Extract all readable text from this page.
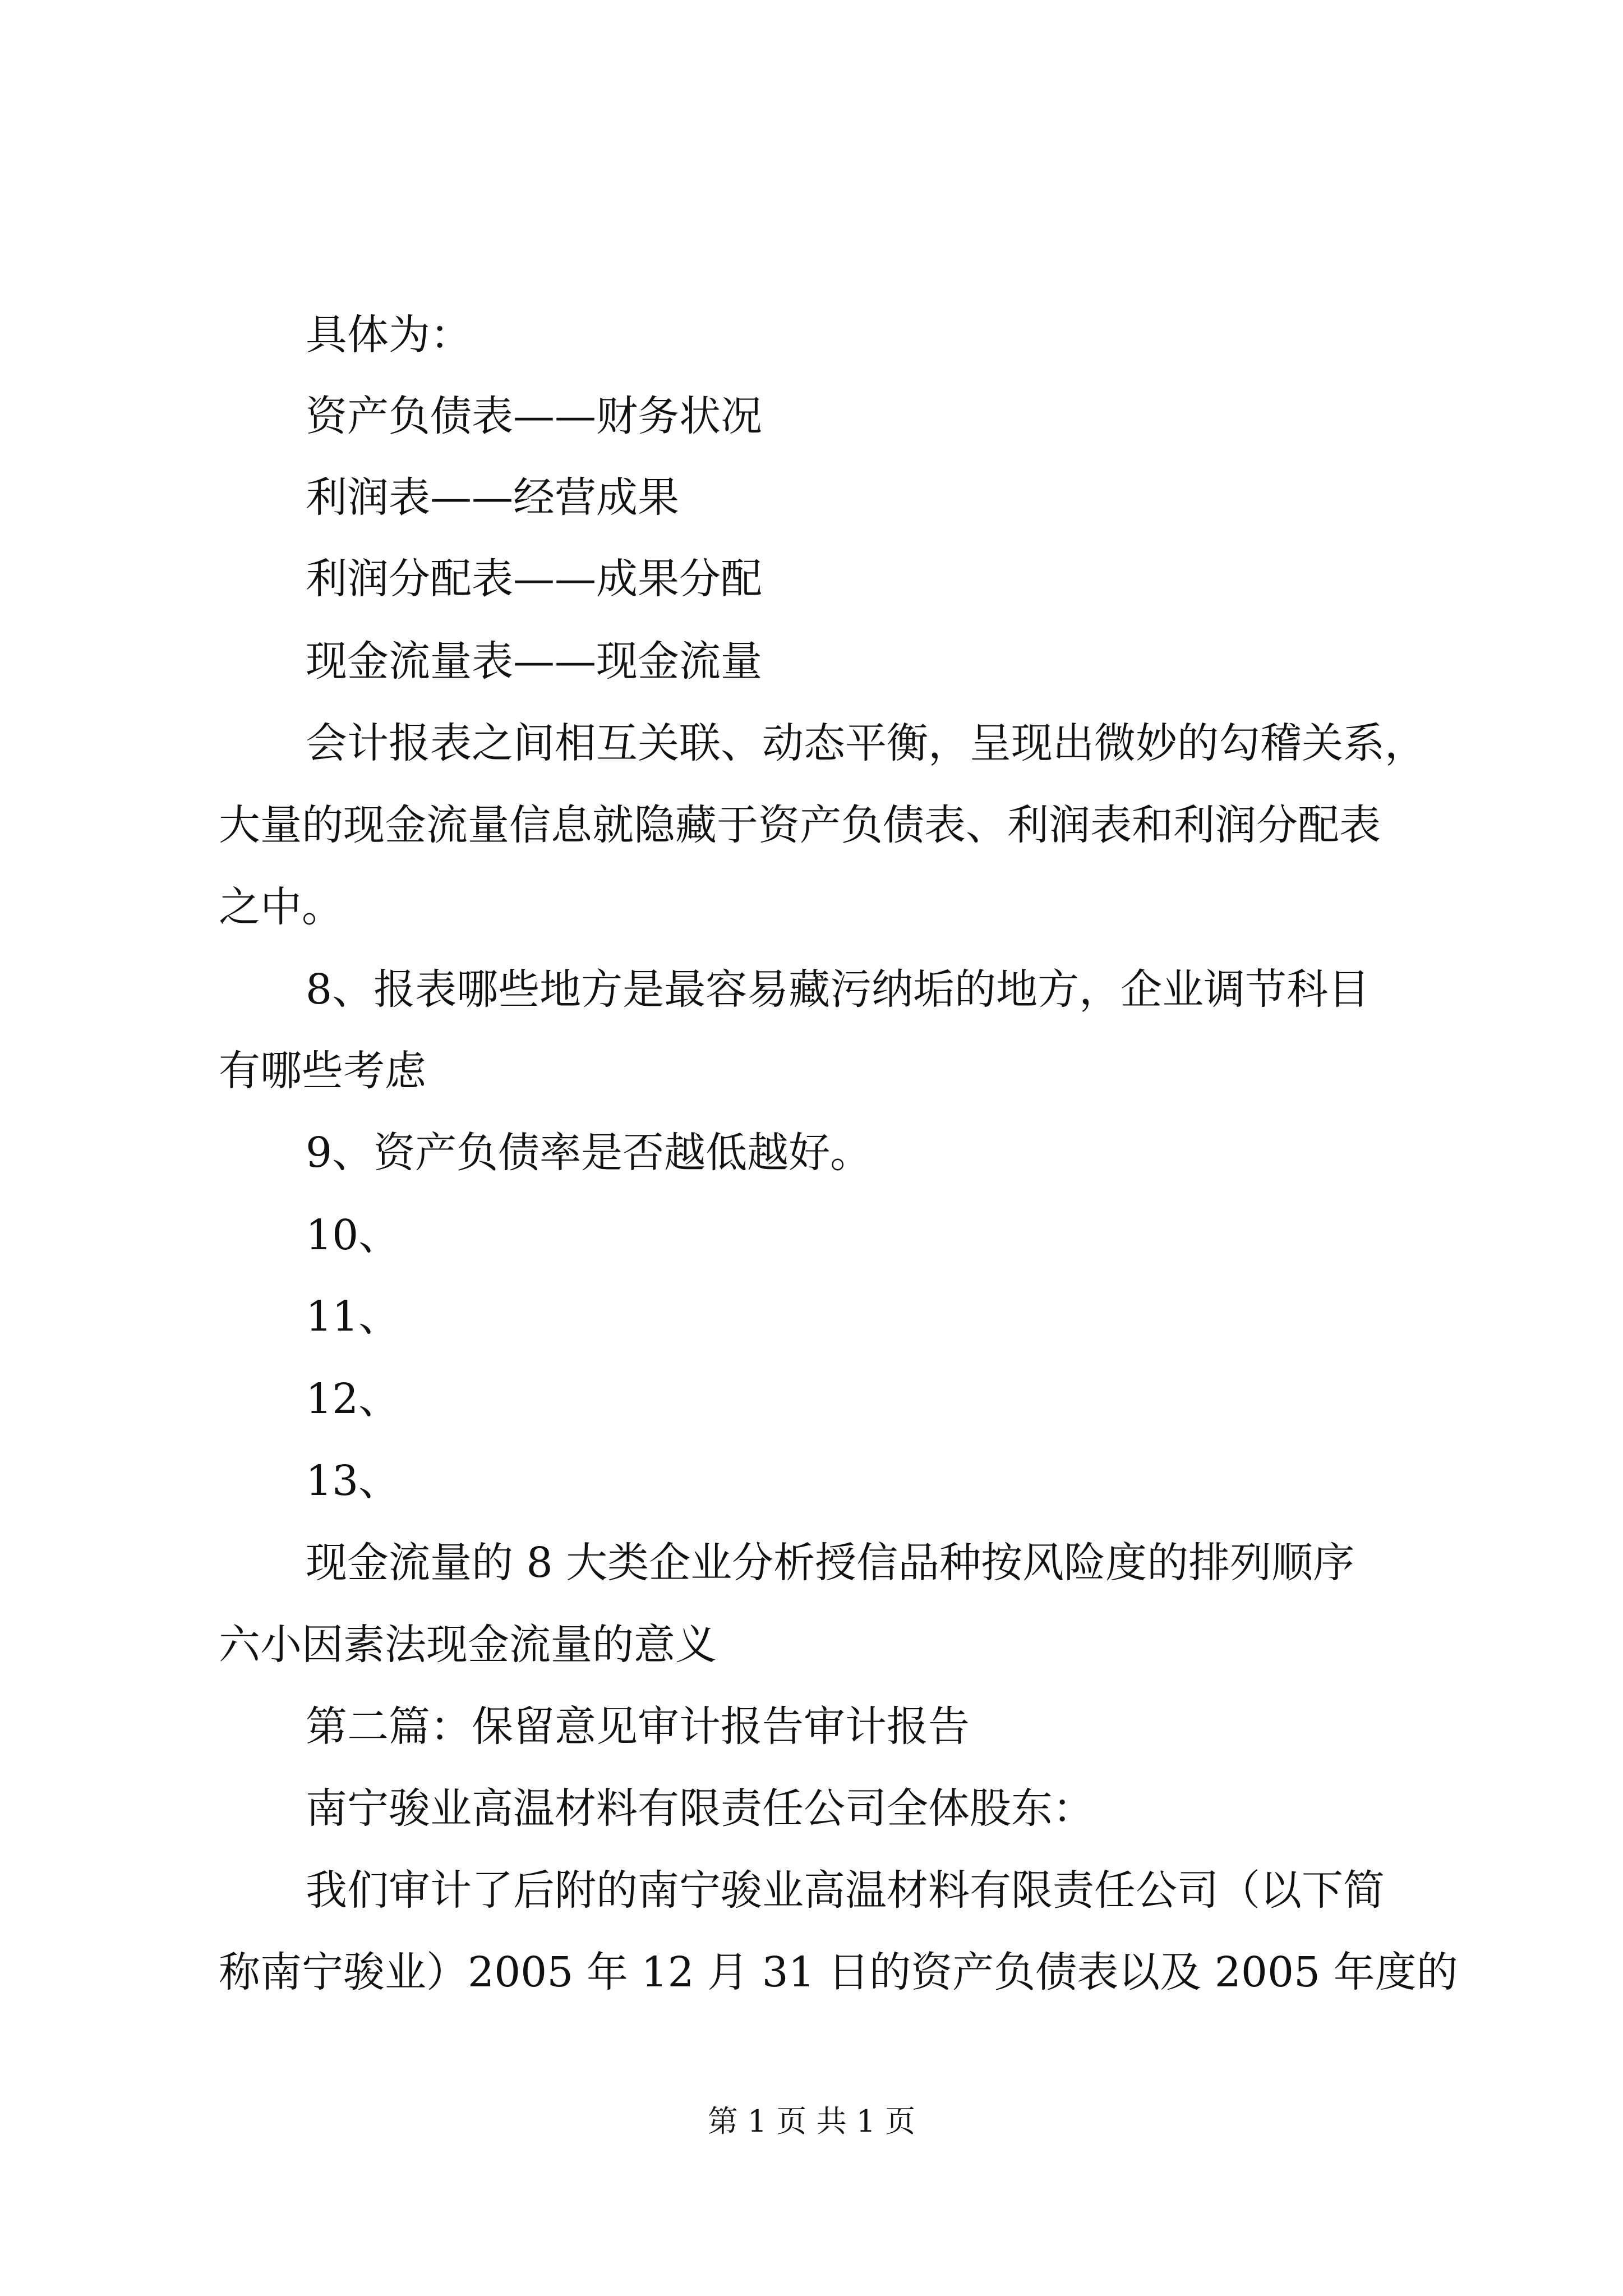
具体为：
资产负债表——财务状况
利润表——经营成果
利润分配表——成果分配
现金流量表——现金流量
会计报表之间相互关联、动态平衡，呈现出微妙的勾稽关系，
大量的现金流量信息就隐藏于资产负债表、利润表和利润分配表
之中。
8、报表哪些地方是最容易藏污纳垢的地方，企业调节科目
有哪些考虑
9、资产负债率是否越低越好。
10、
11、
12、
13、
现金流量的 8 大类企业分析授信品种按风险度的排列顺序
六小因素法现金流量的意义
第二篇：保留意见审计报告审计报告
南宁骏业高温材料有限责任公司全体股东：
我们审计了后附的南宁骏业高温材料有限责任公司（以下简
称南宁骏业）2005 年 12 月 31 日的资产负债表以及 2005 年度的
第 1 页 共 1 页
